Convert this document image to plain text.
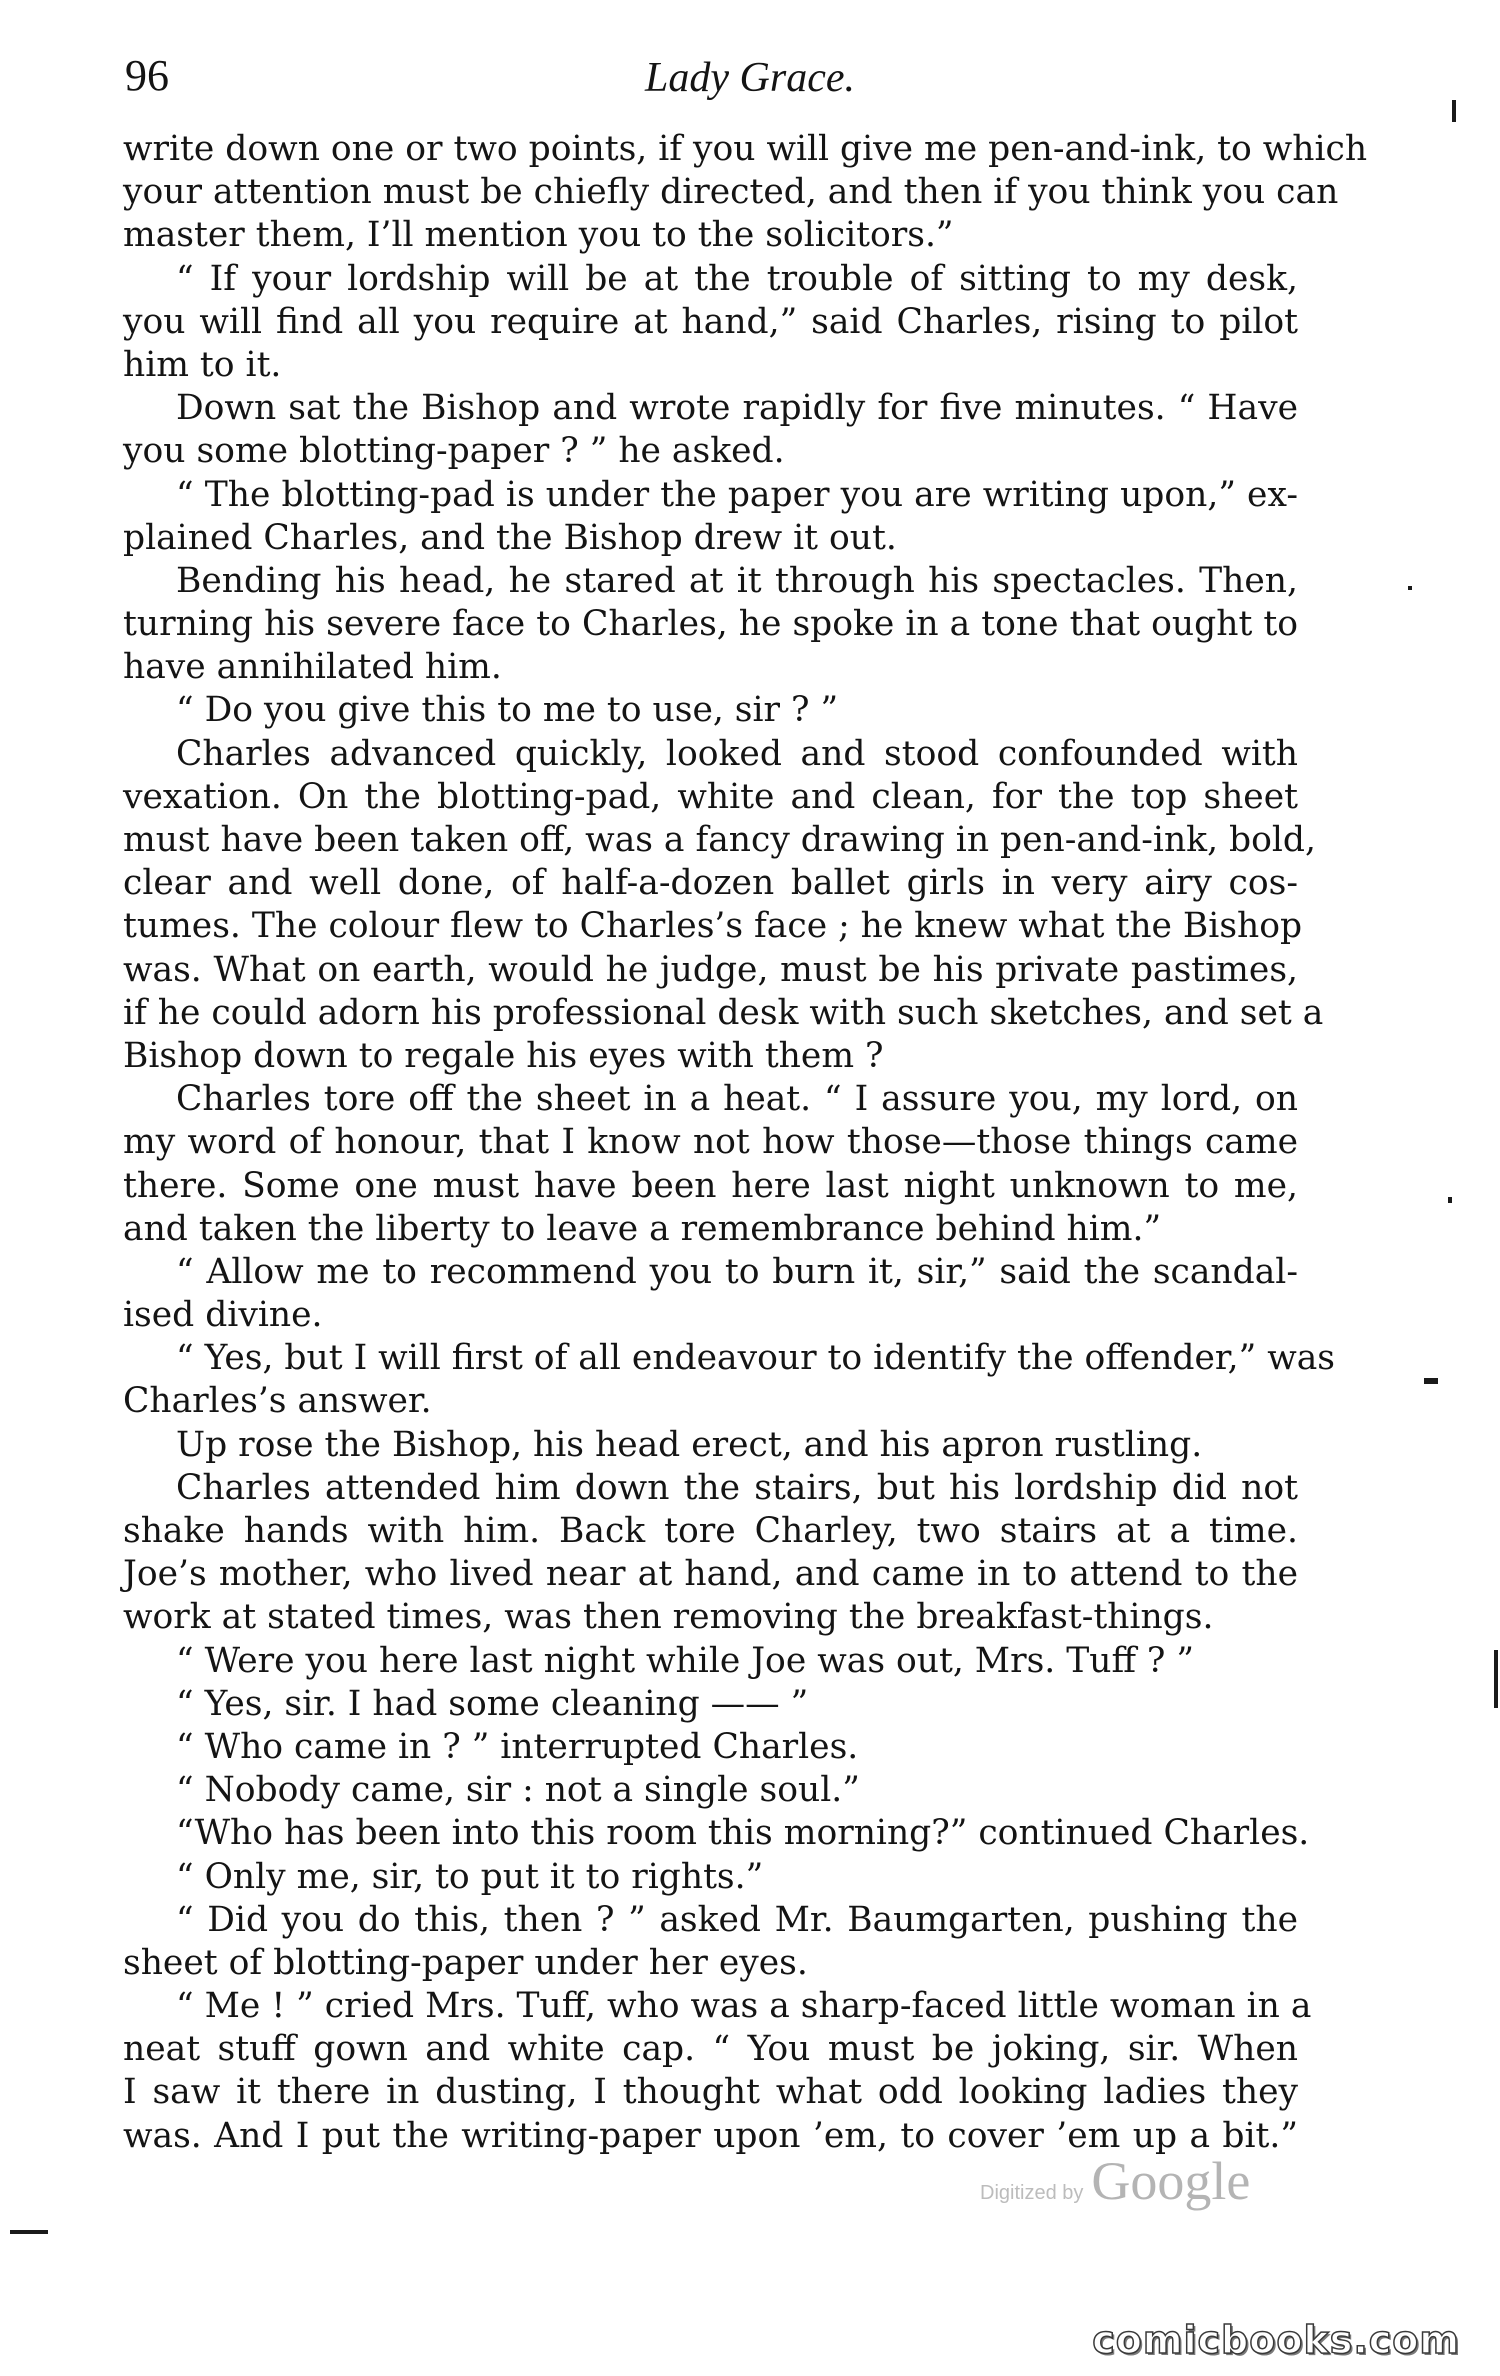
96	Lady Grace.
write down one or two points, if you will give me pen-and-ink, to which
your attention must be chiefly directed, and then if you think you can
master them, I’ll mention you to the solicitors.”
“ If your lordship will be at the trouble of sitting to my desk,
you will find all you require at hand,” said Charles, rising to pilot
him to it.
Down sat the Bishop and wrote rapidly for five minutes. “ Have
you some blotting-paper ? ” he asked.
“ The blotting-pad is under the paper you are writing upon,” ex-
plained Charles, and the Bishop drew it out.
Bending his head, he stared at it through his spectacles. Then,
turning his severe face to Charles, he spoke in a tone that ought to
have annihilated him.
“ Do you give this to me to use, sir ? ”
Charles advanced quickly, looked and stood confounded with
vexation. On the blotting-pad, white and clean, for the top sheet
must have been taken off, was a fancy drawing in pen-and-ink, bold,
clear and well done, of half-a-dozen ballet girls in very airy cos-
tumes. The colour flew to Charles’s face ; he knew what the Bishop
was. What on earth, would he judge, must be his private pastimes,
if he could adorn his professional desk with such sketches, and set a
Bishop down to regale his eyes with them ?
Charles tore off the sheet in a heat. “ I assure you, my lord, on
my word of honour, that I know not how those—those things came
there. Some one must have been here last night unknown to me,
and taken the liberty to leave a remembrance behind him.”
“ Allow me to recommend you to burn it, sir,” said the scandal-
ised divine.
“ Yes, but I will first of all endeavour to identify the offender,” was
Charles’s answer.
Up rose the Bishop, his head erect, and his apron rustling.
Charles attended him down the stairs, but his lordship did not
shake hands with him. Back tore Charley, two stairs at a time.
Joe’s mother, who lived near at hand, and came in to attend to the
work at stated times, was then removing the breakfast-things.
“ Were you here last night while Joe was out, Mrs. Tuff ? ”
“ Yes, sir. I had some cleaning —— ”
“ Who came in ? ” interrupted Charles.
“ Nobody came, sir : not a single soul.”
“Who has been into this room this morning?” continued Charles.
“ Only me, sir, to put it to rights.”
“ Did you do this, then ? ” asked Mr. Baumgarten, pushing the
sheet of blotting-paper under her eyes.
“ Me ! ” cried Mrs. Tuff, who was a sharp-faced little woman in a
neat stuff gown and white cap. “ You must be joking, sir. When
I saw it there in dusting, I thought what odd looking ladies they
was. And I put the writing-paper upon ’em, to cover ’em up a bit.”
Digitized by Google
comicbooks.com
